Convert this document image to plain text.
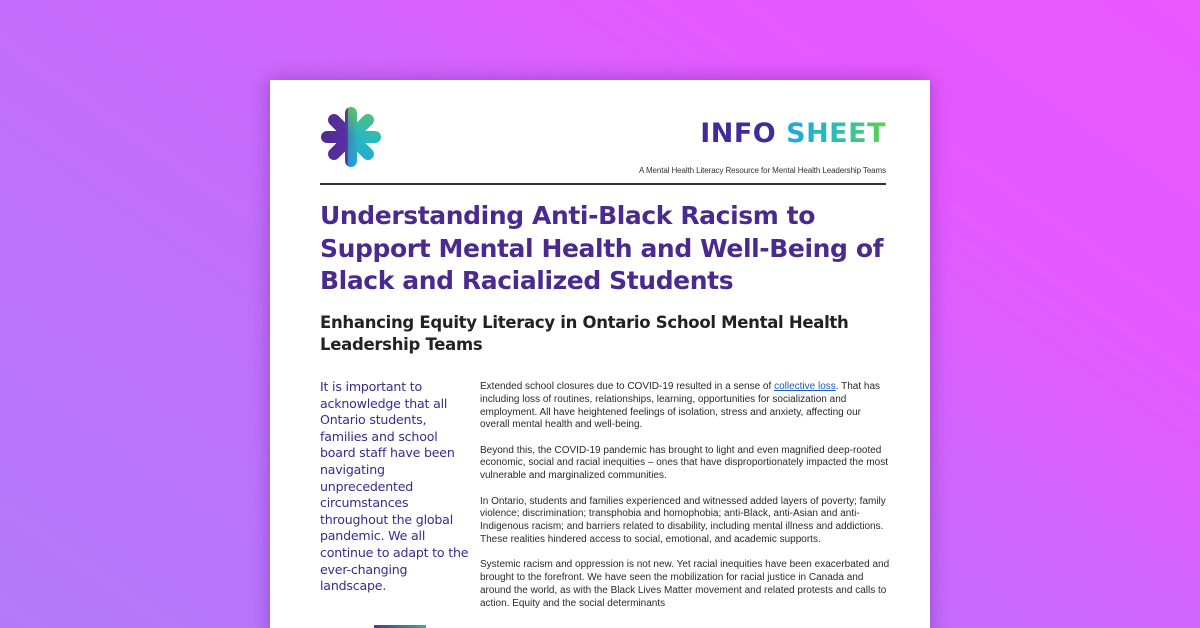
INFO SHEET
A Mental Health Literacy Resource for Mental Health Leadership Teams
Understanding Anti-Black Racism to Support Mental Health and Well-Being of Black and Racialized Students
Enhancing Equity Literacy in Ontario School Mental Health Leadership Teams
It is important to acknowledge that all Ontario students, families and school board staff have been navigating unprecedented circumstances throughout the global pandemic. We all continue to adapt to the ever-changing landscape.

Extended school closures due to COVID-19 resulted in a sense of collective loss. That has including loss of routines, relationships, learning, opportunities for socialization and employment. All have heightened feelings of isolation, stress and anxiety, affecting our overall mental health and well-being.

Beyond this, the COVID-19 pandemic has brought to light and even magnified deep-rooted economic, social and racial inequities – ones that have disproportionately impacted the most vulnerable and marginalized communities.

In Ontario, students and families experienced and witnessed added layers of poverty; family violence; discrimination; transphobia and homophobia; anti-Black, anti-Asian and anti-Indigenous racism; and barriers related to disability, including mental illness and addictions. These realities hindered access to social, emotional, and academic supports.

Systemic racism and oppression is not new. Yet racial inequities have been exacerbated and brought to the forefront. We have seen the mobilization for racial justice in Canada and around the world, as with the Black Lives Matter movement and related protests and calls to action. Equity and the social determinants
